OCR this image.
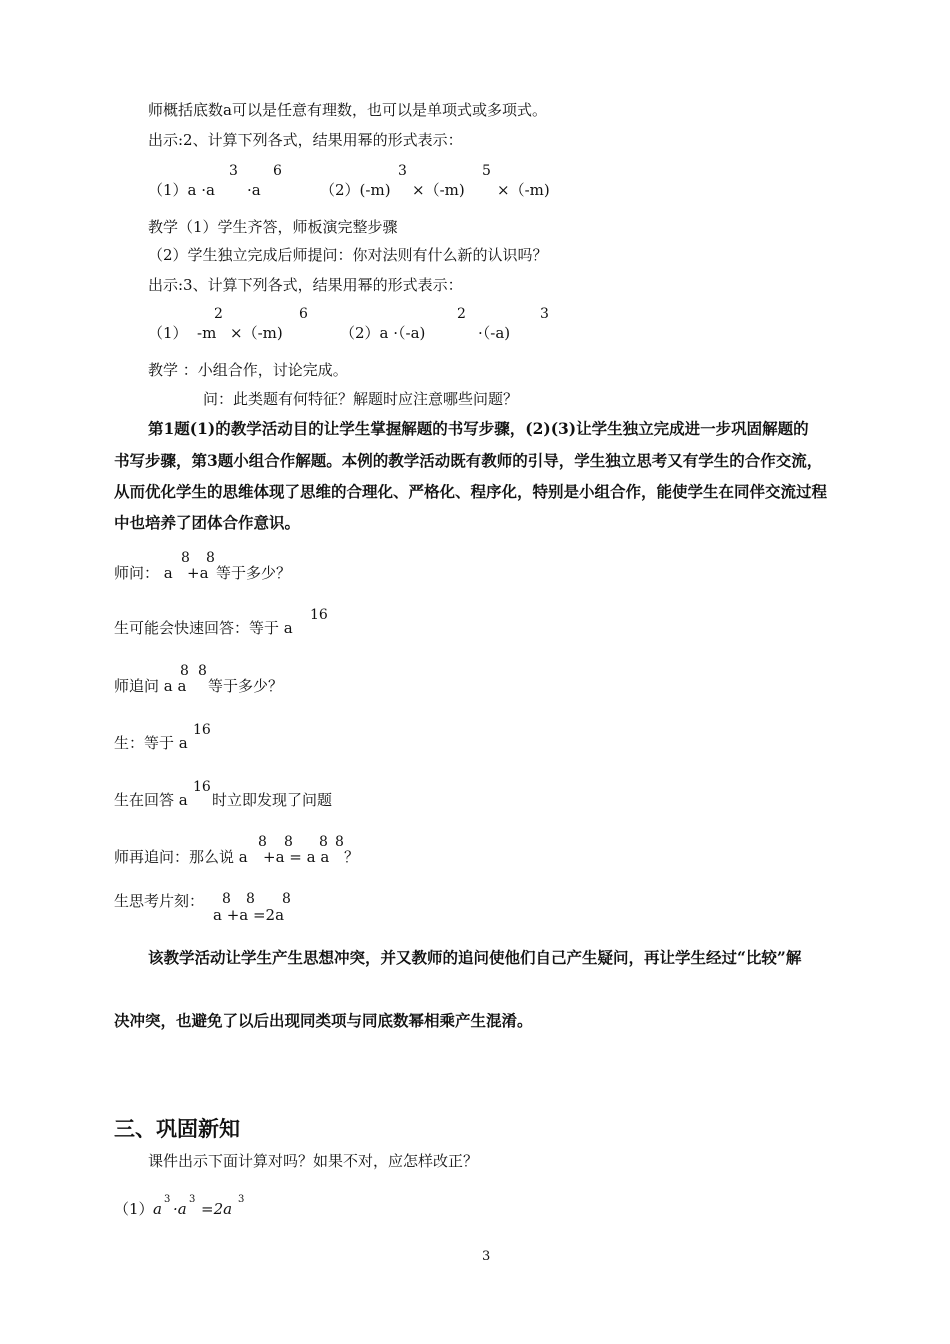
师概括底数a可以是任意有理数，也可以是单项式或多项式。
出示:2、计算下列各式，结果用幂的形式表示：
（1）a ·a
3
·a
6
（2）(-m)
3
×（-m)
5
×（-m)
教学（1）学生齐答，师板演完整步骤
（2）学生独立完成后师提问：你对法则有什么新的认识吗？
出示:3、计算下列各式，结果用幂的形式表示：
（1） -m
2
×（-m)
6
（2）a ·（-a)
2
·（-a)
3
教学 ：小组合作，讨论完成。
问：此类题有何特征？解题时应注意哪些问题？
第1题(1)的教学活动目的让学生掌握解题的书写步骤，(2)(3)让学生独立完成进一步巩固解题的
书写步骤，第3题小组合作解题。本例的教学活动既有教师的引导，学生独立思考又有学生的合作交流，
从而优化学生的思维体现了思维的合理化、严格化、程序化，特别是小组合作，能使学生在同伴交流过程
中也培养了团体合作意识。
师问： a
8
+a
8
等于多少？
生可能会快速回答：等于 a
16
师追问 a a
8 8
等于多少？
生：等于 a
16
生在回答 a
16
时立即发现了问题
师再追问：那么说 a
8
+a = a a
8 8 8
？
生思考片刻： 8 8 8
a +a =2a
该教学活动让学生产生思想冲突，并又教师的追问使他们自己产生疑问，再让学生经过“比较”解
决冲突，也避免了以后出现同类项与同底数幂相乘产生混淆。
三、巩固新知
课件出示下面计算对吗？如果不对，应怎样改正？
（1） a
3
·a
3
=2a
3
3
